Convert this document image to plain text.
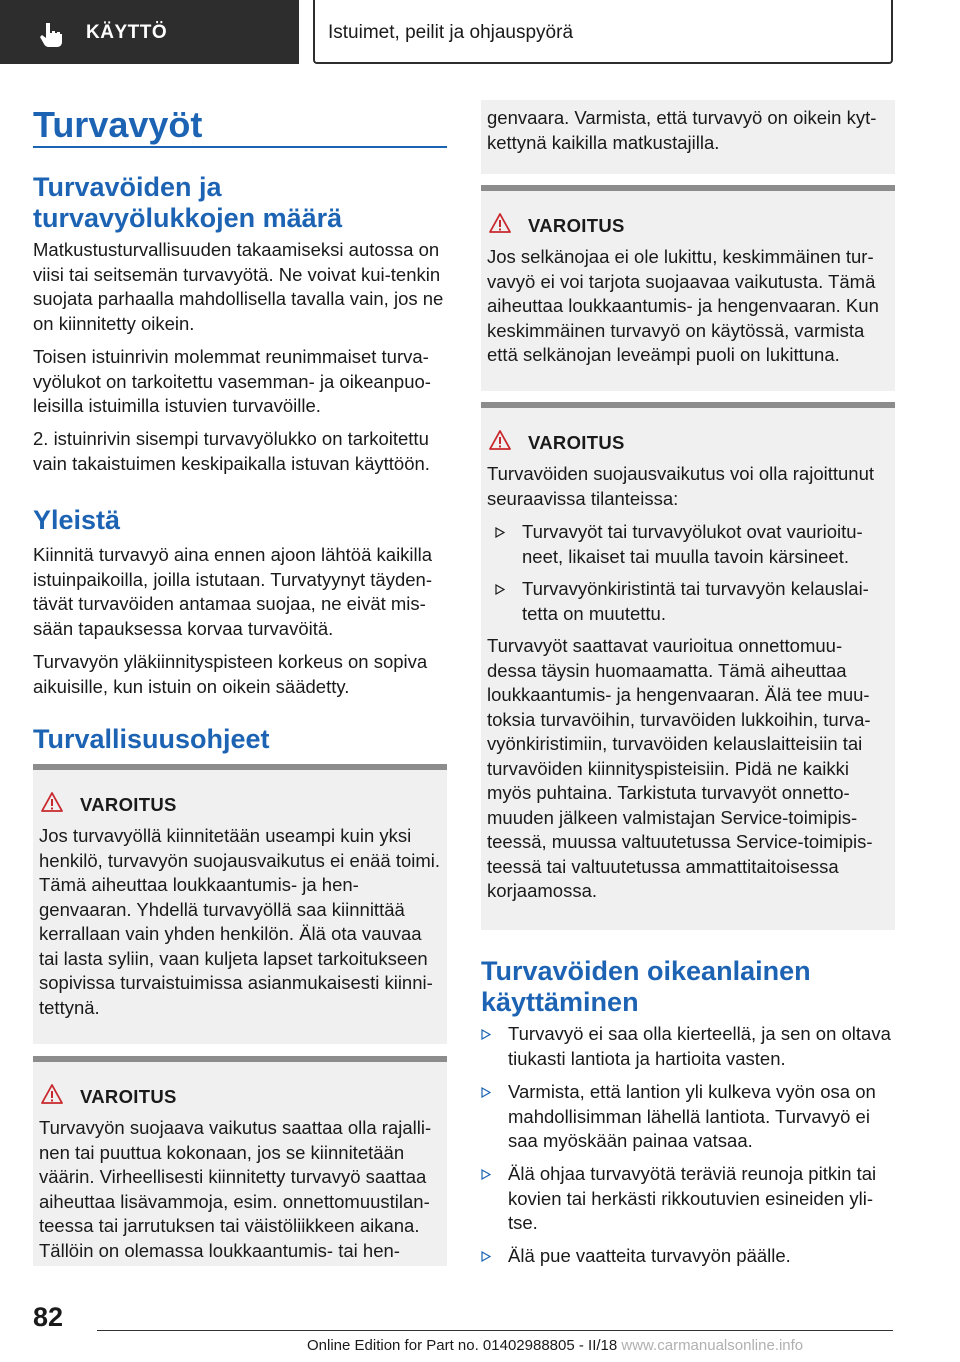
KÄYTTÖ	Istuimet, peilit ja ohjauspyörä
Turvavyöt
Turvavöiden ja turvavyölukkojen määrä

Matkustusturvallisuuden takaamiseksi autossa on viisi tai seitsemän turvavyötä. Ne voivat kui-tenkin suojata parhaalla mahdollisella tavalla vain, jos ne on kiinnitetty oikein.

Toisen istuinrivin molemmat reunimmaiset turva-vyölukot on tarkoitettu vasemman- ja oikeanpuo-leisilla istuimilla istuvien turvavöille.

2. istuinrivin sisempi turvavyölukko on tarkoitettu vain takaistuimen keskipaikalla istuvan käyttöön.

Yleistä

Kiinnitä turvavyö aina ennen ajoon lähtöä kaikilla istuinpaikoilla, joilla istutaan. Turvatyynyt täyden-tävät turvavöiden antamaa suojaa, ne eivät mis-sään tapauksessa korvaa turvavöitä.

Turvavyön yläkiinnityspisteen korkeus on sopiva aikuisille, kun istuin on oikein säädetty.

Turvallisuusohjeet
VAROITUS
Jos turvavyöllä kiinnitetään useampi kuin yksi henkilö, turvavyön suojausvaikutus ei enää toimi. Tämä aiheuttaa loukkaantumis- ja hen-genvaaran. Yhdellä turvavyöllä saa kiinnittää kerrallaan vain yhden henkilön. Älä ota vauvaa tai lasta syliin, vaan kuljeta lapset tarkoitukseen sopivissa turvaistuimissa asianmukaisesti kiinni-tettynä.
VAROITUS
Turvavyön suojaava vaikutus saattaa olla rajalli-nen tai puuttua kokonaan, jos se kiinnitetään väärin. Virheellisesti kiinnitetty turvavyö saattaa aiheuttaa lisävammoja, esim. onnettomuustilan-teessa tai jarrutuksen tai väistöliikkeen aikana. Tällöin on olemassa loukkaantumis- tai hen-
genvaara. Varmista, että turvavyö on oikein kyt-kettynä kaikilla matkustajilla.
VAROITUS
Jos selkänojaa ei ole lukittu, keskimmäinen tur-vavyö ei voi tarjota suojaavaa vaikutusta. Tämä aiheuttaa loukkaantumis- ja hengenvaaran. Kun keskimmäinen turvavyö on käytössä, varmista että selkänojan leveämpi puoli on lukittuna.
VAROITUS
Turvavöiden suojausvaikutus voi olla rajoittunut seuraavissa tilanteissa:
Turvavyöt tai turvavyölukot ovat vaurioitu-neet, likaiset tai muulla tavoin kärsineet.
Turvavyönkiristintä tai turvavyön kelauslai-tetta on muutettu.
Turvavyöt saattavat vaurioitua onnettomuu-dessa täysin huomaamatta. Tämä aiheuttaa loukkaantumis- ja hengenvaaran. Älä tee muu-toksia turvavöihin, turvavöiden lukkoihin, turva-vyönkiristimiin, turvavöiden kelauslaitteisiin tai turvavöiden kiinnityspisteisiin. Pidä ne kaikki myös puhtaina. Tarkistuta turvavyöt onnetto-muuden jälkeen valmistajan Service-toimipis-teessä, muussa valtuutetussa Service-toimipis-teessä tai valtuutetussa ammattitaitoisessa korjaamossa.
Turvavöiden oikeanlainen käyttäminen
Turvavyö ei saa olla kierteellä, ja sen on oltava tiukasti lantiota ja hartioita vasten.
Varmista, että lantion yli kulkeva vyön osa on mahdollisimman lähellä lantiota. Turvavyö ei saa myöskään painaa vatsaa.
Älä ohjaa turvavyötä teräviä reunoja pitkin tai kovien tai herkästi rikkoutuvien esineiden yli-tse.
Älä pue vaatteita turvavyön päälle.
82
Online Edition for Part no. 01402988805 - II/18 www.carmanualsonline.info
